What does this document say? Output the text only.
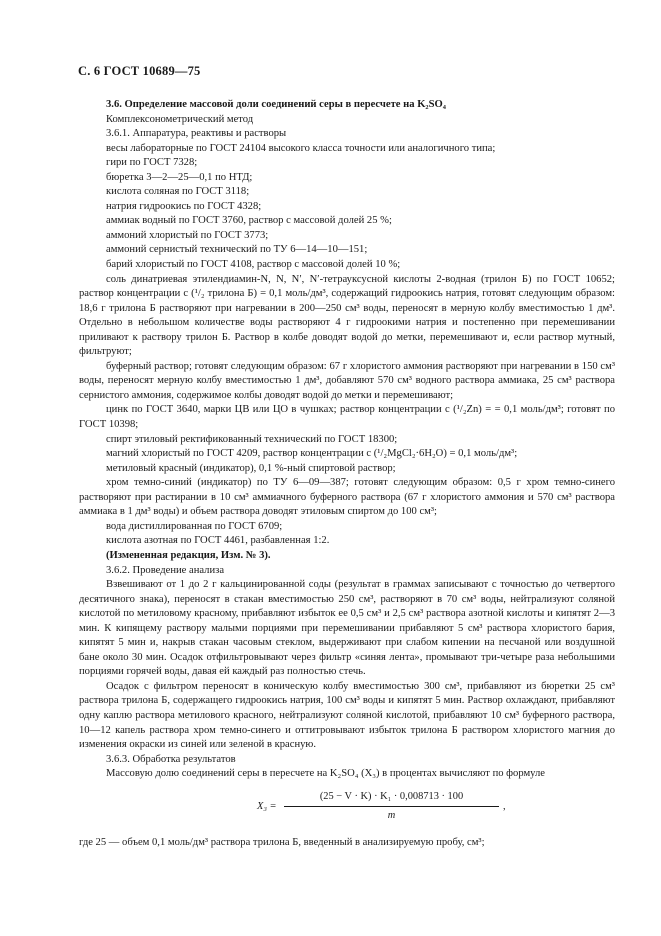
С. 6 ГОСТ 10689—75

3.6. Определение массовой доли соединений серы в пересчете на K₂SO₄

Комплексонометрический метод

3.6.1. Аппаратура, реактивы и растворы

весы лабораторные по ГОСТ 24104 высокого класса точности или аналогичного типа;

гири по ГОСТ 7328;

бюретка 3—2—25—0,1 по НТД;

кислота соляная по ГОСТ 3118;

натрия гидроокись по ГОСТ 4328;

аммиак водный по ГОСТ 3760, раствор с массовой долей 25 %;

аммоний хлористый по ГОСТ 3773;

аммоний сернистый технический по ТУ 6—14—10—151;

барий хлористый по ГОСТ 4108, раствор с массовой долей 10 %;

соль динатриевая этилендиамин-N, N, N′, N′-тетрауксусной кислоты 2-водная (трилон Б) по ГОСТ 10652; раствор концентрации c (¹/₂ трилона Б) = 0,1 моль/дм³, содержащий гидроокись натрия, готовят следующим образом: 18,6 г трилона Б растворяют при нагревании в 200—250 см³ воды, переносят в мерную колбу вместимостью 1 дм³. Отдельно в небольшом количестве воды растворяют 4 г гидроокими натрия и постепенно при перемешивании приливают к раствору трилон Б. Раствор в колбе доводят водой до метки, перемешивают и, если раствор мутный, фильтруют;

буферный раствор; готовят следующим образом: 67 г хлористого аммония растворяют при нагревании в 150 см³ воды, переносят мерную колбу вместимостью 1 дм³, добавляют 570 см³ водного раствора аммиака, 25 см³ раствора сернистого аммония, содержимое колбы доводят водой до метки и перемешивают;

цинк по ГОСТ 3640, марки ЦВ или ЦО в чушках; раствор концентрации c (¹/₂Zn) = = 0,1 моль/дм³; готовят по ГОСТ 10398;

спирт этиловый ректификованный технический по ГОСТ 18300;

магний хлористый по ГОСТ 4209, раствор концентрации c (¹/₂MgCl₂·6H₂O) = 0,1 моль/дм³;

метиловый красный (индикатор), 0,1 %-ный спиртовой раствор;

хром темно-синий (индикатор) по ТУ 6—09—387; готовят следующим образом: 0,5 г хром темно-синего растворяют при растирании в 10 см³ аммиачного буферного раствора (67 г хлористого аммония и 570 см³ раствора аммиака в 1 дм³ воды) и объем раствора доводят этиловым спиртом до 100 см³;

вода дистиллированная по ГОСТ 6709;

кислота азотная по ГОСТ 4461, разбавленная 1:2.

(Измененная редакция, Изм. № 3).

3.6.2. Проведение анализа

Взвешивают от 1 до 2 г кальцинированной соды (результат в граммах записывают с точностью до четвертого десятичного знака), переносят в стакан вместимостью 250 см³, растворяют в 70 см³ воды, нейтрализуют соляной кислотой по метиловому красному, прибавляют избыток ее 0,5 см³ и 2,5 см³ раствора азотной кислоты и кипятят 2—3 мин. К кипящему раствору малыми порциями при перемешивании прибавляют 5 см³ раствора хлористого бария, кипятят 5 мин и, накрыв стакан часовым стеклом, выдерживают при слабом кипении на песчаной или воздушной бане около 30 мин. Осадок отфильтровывают через фильтр «синяя лента», промывают три-четыре раза небольшими порциями горячей воды, давая ей каждый раз полностью стечь.

Осадок с фильтром переносят в коническую колбу вместимостью 300 см³, прибавляют из бюретки 25 см³ раствора трилона Б, содержащего гидроокись натрия, 100 см³ воды и кипятят 5 мин. Раствор охлаждают, прибавляют одну каплю раствора метилового красного, нейтрализуют соляной кислотой, прибавляют 10 см³ буферного раствора, 10—12 капель раствора хром темно-синего и оттитровывают избыток трилона Б раствором хлористого магния до изменения окраски из синей или зеленой в красную.

3.6.3. Обработка результатов

Массовую долю соединений серы в пересчете на K₂SO₄ (X₃) в процентах вычисляют по формуле

$X_3 = \frac{\text{(25 − V · K) · K₁ · 0,008713 · 100}}{m}$ ,

где 25 — объем 0,1 моль/дм³ раствора трилона Б, введенный в анализируемую пробу, см³;
